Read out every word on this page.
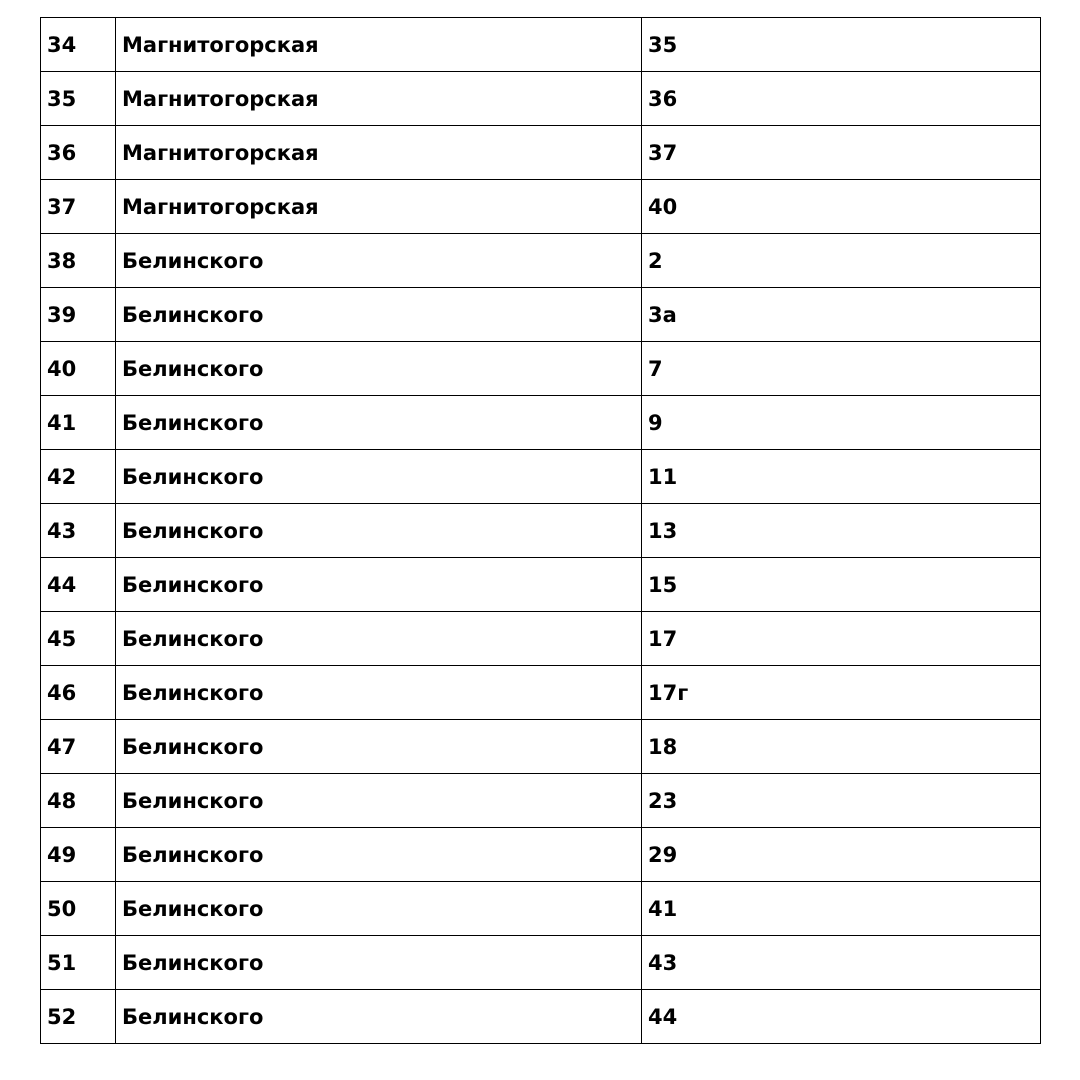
34	Магнитогорская	35
35	Магнитогорская	36
36	Магнитогорская	37
37	Магнитогорская	40
38	Белинского	2
39	Белинского	3а
40	Белинского	7
41	Белинского	9
42	Белинского	11
43	Белинского	13
44	Белинского	15
45	Белинского	17
46	Белинского	17г
47	Белинского	18
48	Белинского	23
49	Белинского	29
50	Белинского	41
51	Белинского	43
52	Белинского	44
